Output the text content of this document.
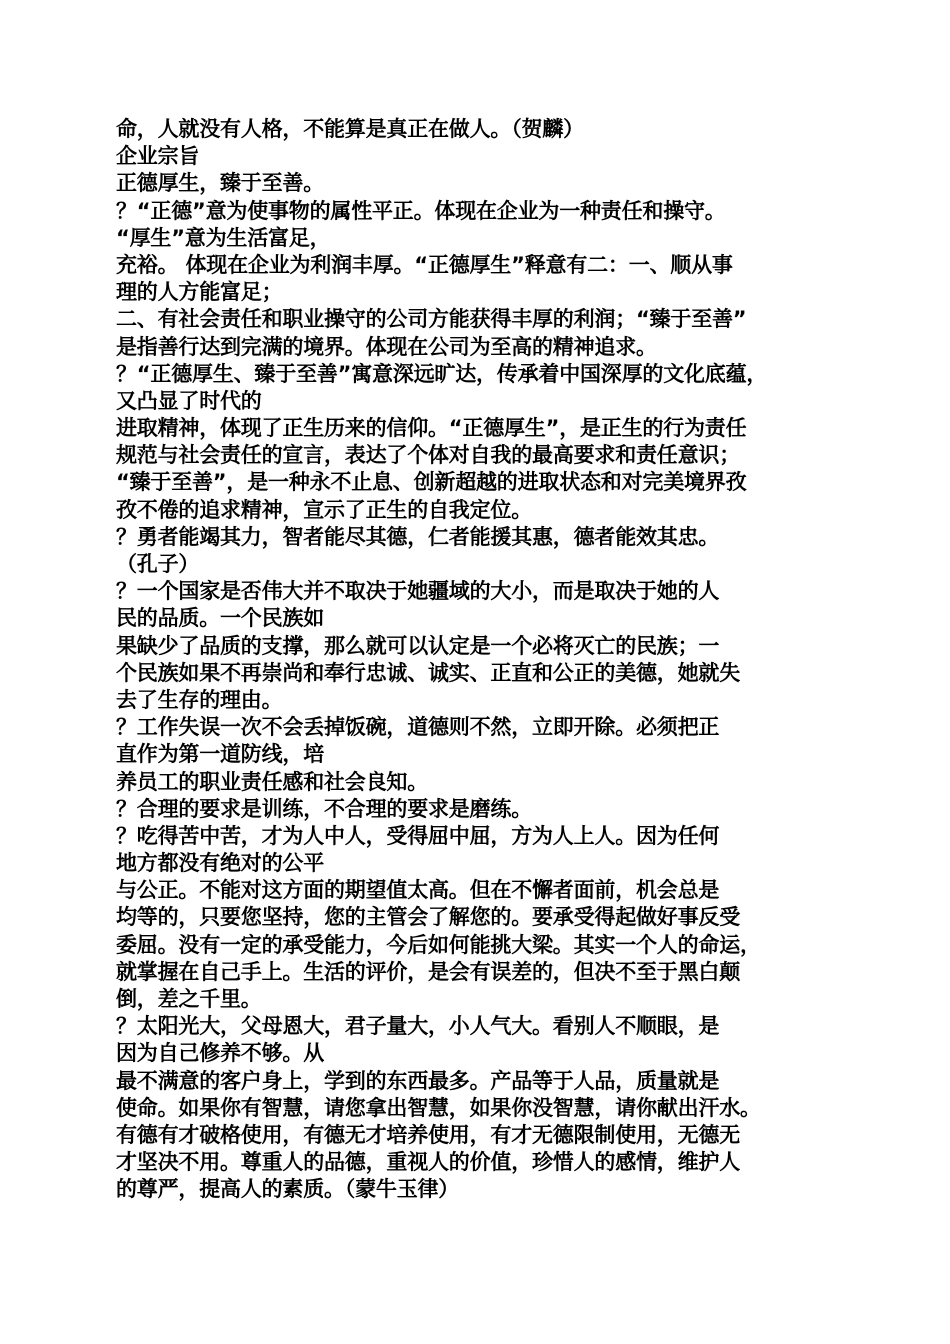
命，人就没有人格，不能算是真正在做人。（贺麟）
企业宗旨
正德厚生，臻于至善。
？“正德”意为使事物的属性平正。体现在企业为一种责任和操守。
“厚生”意为生活富足，
充裕。 体现在企业为利润丰厚。“正德厚生”释意有二：一、顺从事
理的人方能富足；
二、有社会责任和职业操守的公司方能获得丰厚的利润；“臻于至善”
是指善行达到完满的境界。体现在公司为至高的精神追求。
？“正德厚生、臻于至善”寓意深远旷达，传承着中国深厚的文化底蕴，
又凸显了时代的
进取精神，体现了正生历来的信仰。“正德厚生”，是正生的行为责任
规范与社会责任的宣言，表达了个体对自我的最高要求和责任意识；
“臻于至善”，是一种永不止息、创新超越的进取状态和对完美境界孜
孜不倦的追求精神，宣示了正生的自我定位。
？勇者能竭其力，智者能尽其德，仁者能援其惠，德者能效其忠。
（孔子）
？一个国家是否伟大并不取决于她疆域的大小，而是取决于她的人
民的品质。一个民族如
果缺少了品质的支撑，那么就可以认定是一个必将灭亡的民族；一
个民族如果不再崇尚和奉行忠诚、诚实、正直和公正的美德，她就失
去了生存的理由。
？工作失误一次不会丢掉饭碗，道德则不然，立即开除。必须把正
直作为第一道防线，培
养员工的职业责任感和社会良知。
？合理的要求是训练，不合理的要求是磨练。
？吃得苦中苦，才为人中人，受得屈中屈，方为人上人。因为任何
地方都没有绝对的公平
与公正。不能对这方面的期望值太高。但在不懈者面前，机会总是
均等的，只要您坚持，您的主管会了解您的。要承受得起做好事反受
委屈。没有一定的承受能力，今后如何能挑大梁。其实一个人的命运，
就掌握在自己手上。生活的评价，是会有误差的，但决不至于黑白颠
倒，差之千里。
？太阳光大，父母恩大，君子量大，小人气大。看别人不顺眼，是
因为自己修养不够。从
最不满意的客户身上，学到的东西最多。产品等于人品，质量就是
使命。如果你有智慧，请您拿出智慧，如果你没智慧，请你献出汗水。
有德有才破格使用，有德无才培养使用，有才无德限制使用，无德无
才坚决不用。尊重人的品德，重视人的价值，珍惜人的感情，维护人
的尊严，提高人的素质。（蒙牛玉律）
